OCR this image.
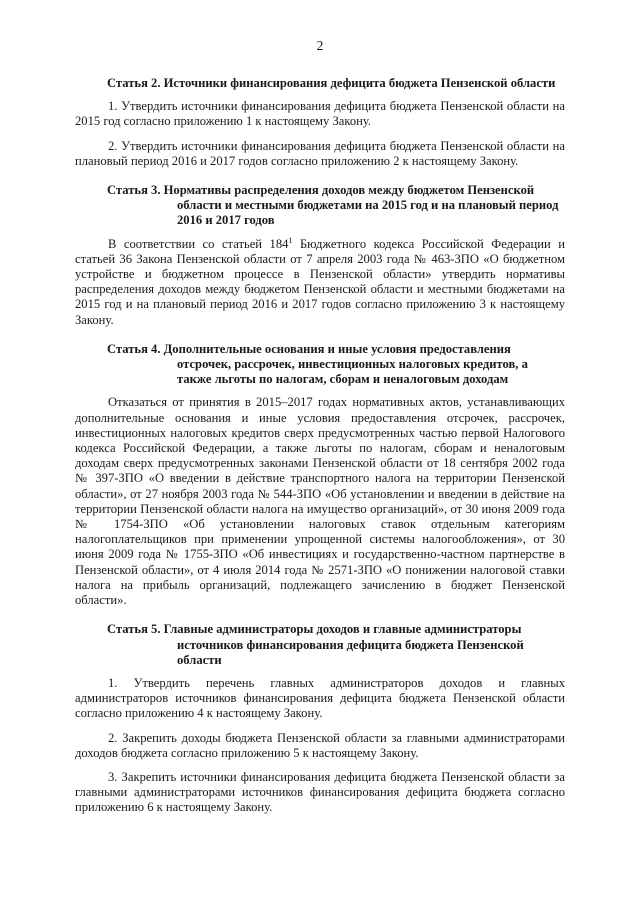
2

Статья 2. Источники финансирования дефицита бюджета Пензенской области

1. Утвердить источники финансирования дефицита бюджета Пензенской области на 2015 год согласно приложению 1 к настоящему Закону.

2. Утвердить источники финансирования дефицита бюджета Пензенской области на плановый период 2016 и 2017 годов согласно приложению 2 к настоящему Закону.

Статья 3. Нормативы распределения доходов между бюджетом Пензенской области и местными бюджетами на 2015 год и на плановый период 2016 и 2017 годов

В соответствии со статьей $184^1$ Бюджетного кодекса Российской Федерации и статьей 36 Закона Пензенской области от 7 апреля 2003 года № 463-ЗПО «О бюджетном устройстве и бюджетном процессе в Пензенской области» утвердить нормативы распределения доходов между бюджетом Пензенской области и местными бюджетами на 2015 год и на плановый период 2016 и 2017 годов согласно приложению 3 к настоящему Закону.

Статья 4. Дополнительные основания и иные условия предоставления отсрочек, рассрочек, инвестиционных налоговых кредитов, а также льготы по налогам, сборам и неналоговым доходам

Отказаться от принятия в 2015–2017 годах нормативных актов, устанавливающих дополнительные основания и иные условия предоставления отсрочек, рассрочек, инвестиционных налоговых кредитов сверх предусмотренных частью первой Налогового кодекса Российской Федерации, а также льготы по налогам, сборам и неналоговым доходам сверх предусмотренных законами Пензенской области от 18 сентября 2002 года № 397-ЗПО «О введении в действие транспортного налога на территории Пензенской области», от 27 ноября 2003 года № 544-ЗПО «Об установлении и введении в действие на территории Пензенской области налога на имущество организаций», от 30 июня 2009 года № 1754-ЗПО «Об установлении налоговых ставок отдельным категориям налогоплательщиков при применении упрощенной системы налогообложения», от 30 июня 2009 года № 1755-ЗПО «Об инвестициях и государственно-частном партнерстве в Пензенской области», от 4 июля 2014 года № 2571-ЗПО «О понижении налоговой ставки налога на прибыль организаций, подлежащего зачислению в бюджет Пензенской области».

Статья 5. Главные администраторы доходов и главные администраторы источников финансирования дефицита бюджета Пензенской области

1. Утвердить перечень главных администраторов доходов и главных администраторов источников финансирования дефицита бюджета Пензенской области согласно приложению 4 к настоящему Закону.

2. Закрепить доходы бюджета Пензенской области за главными администраторами доходов бюджета согласно приложению 5 к настоящему Закону.

3. Закрепить источники финансирования дефицита бюджета Пензенской области за главными администраторами источников финансирования дефицита бюджета согласно приложению 6 к настоящему Закону.
